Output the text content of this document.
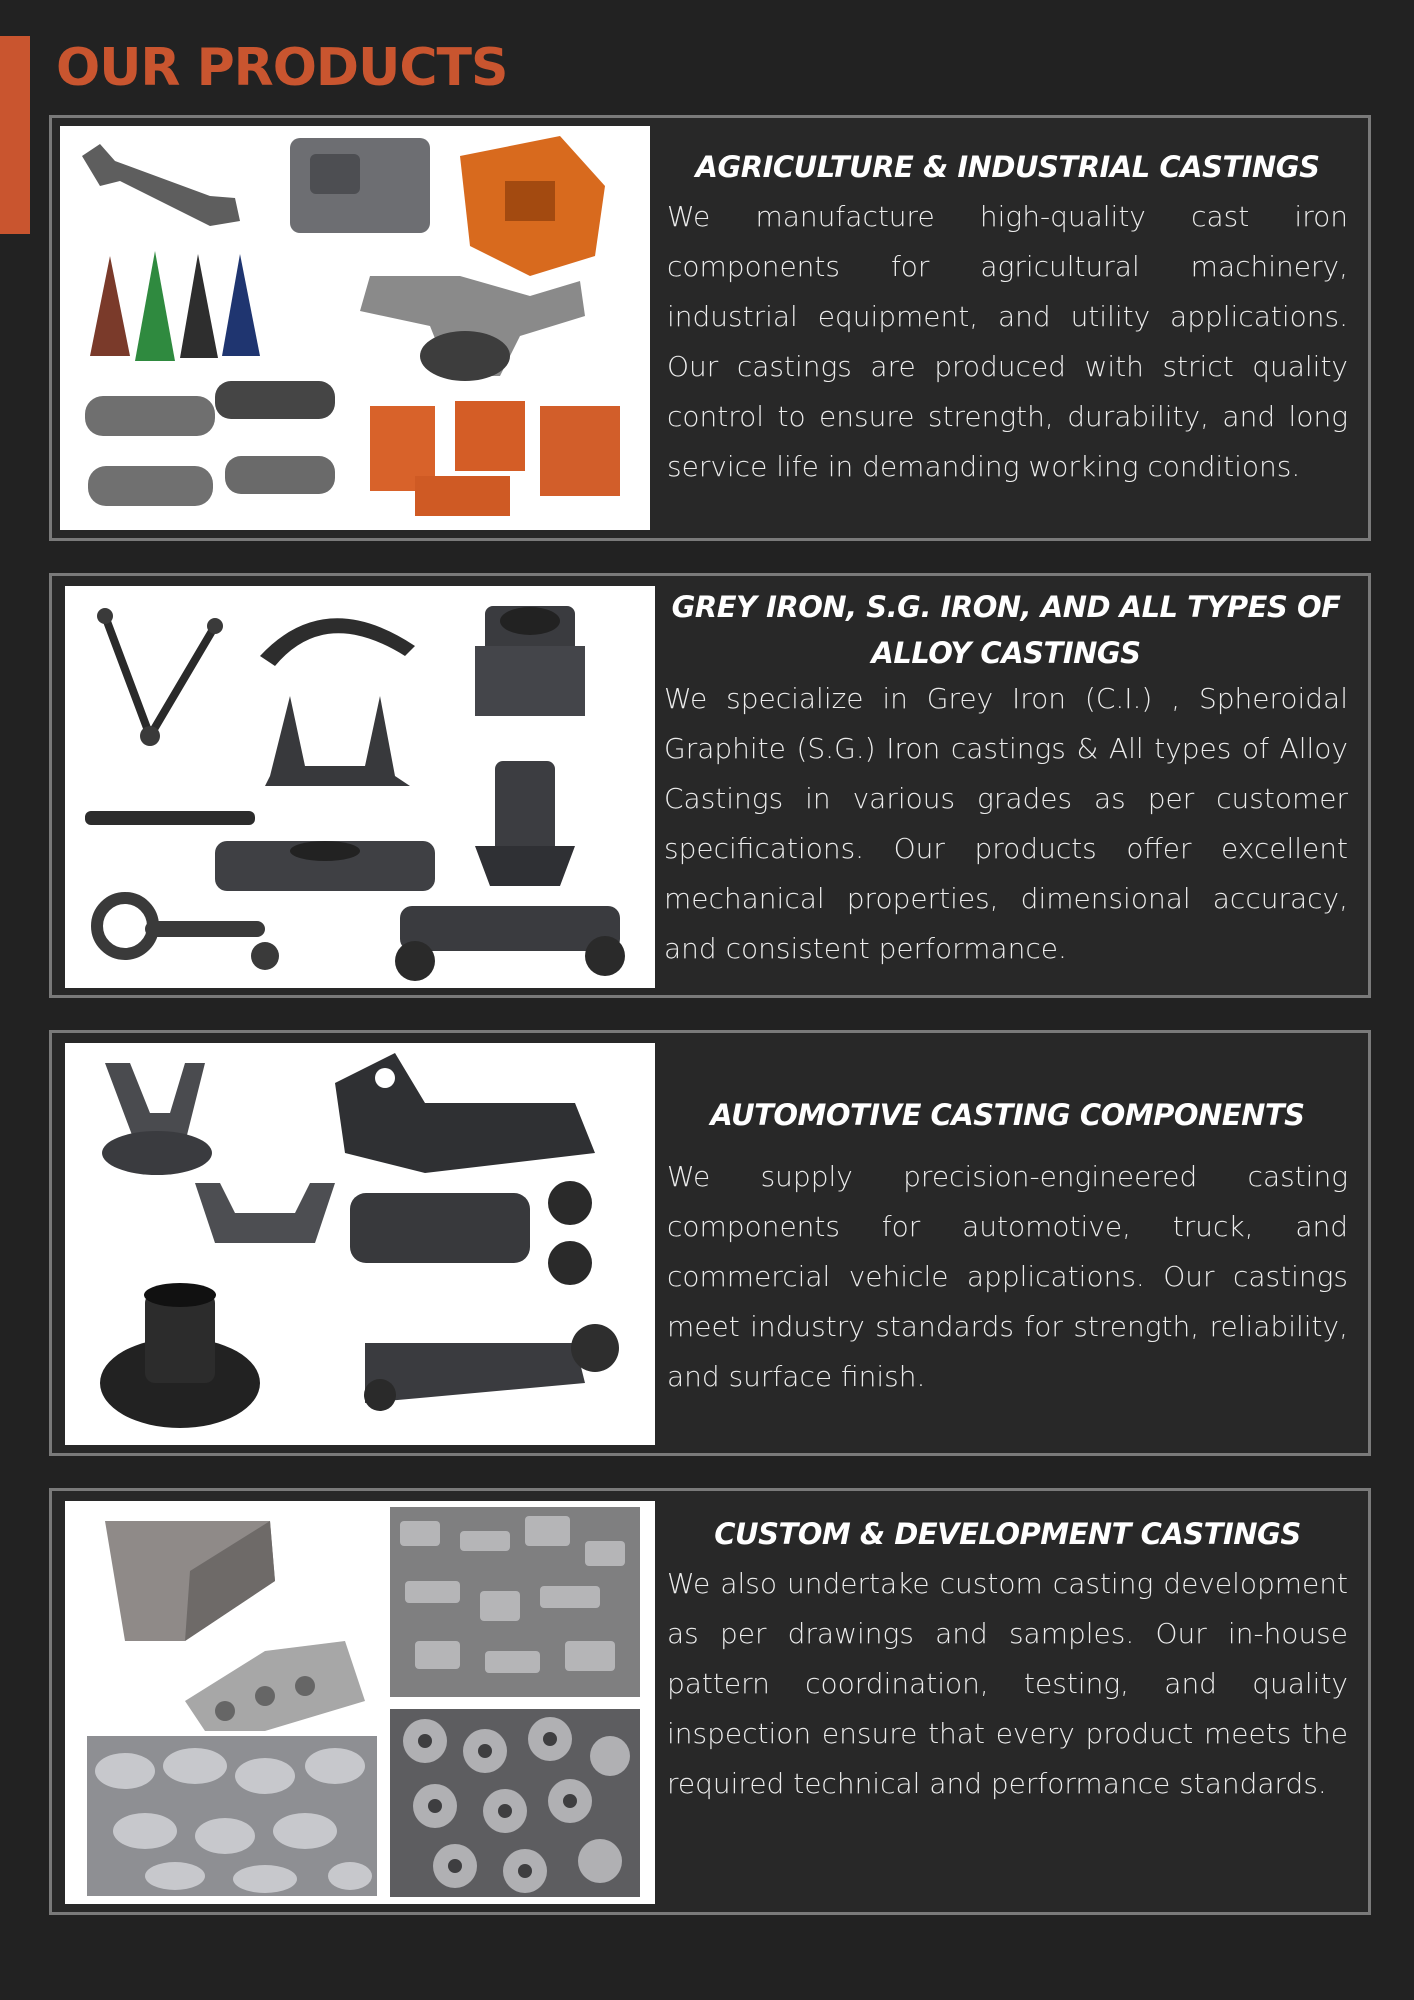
OUR PRODUCTS
AGRICULTURE & INDUSTRIAL CASTINGS

We manufacture high-quality cast iron components for agricultural machinery, industrial equipment, and utility applications. Our castings are produced with strict quality control to ensure strength, durability, and long service life in demanding working conditions.

GREY IRON, S.G. IRON, AND ALL TYPES OF ALLOY CASTINGS

We specialize in Grey Iron (C.I.) , Spheroidal Graphite (S.G.) Iron castings & All types of Alloy Castings in various grades as per customer specifications. Our products offer excellent mechanical properties, dimensional accuracy, and consistent performance.

AUTOMOTIVE CASTING COMPONENTS

We supply precision-engineered casting components for automotive, truck, and commercial vehicle applications. Our castings meet industry standards for strength, reliability, and surface finish.

CUSTOM & DEVELOPMENT CASTINGS

We also undertake custom casting development as per drawings and samples. Our in-house pattern coordination, testing, and quality inspection ensure that every product meets the required technical and performance standards.
